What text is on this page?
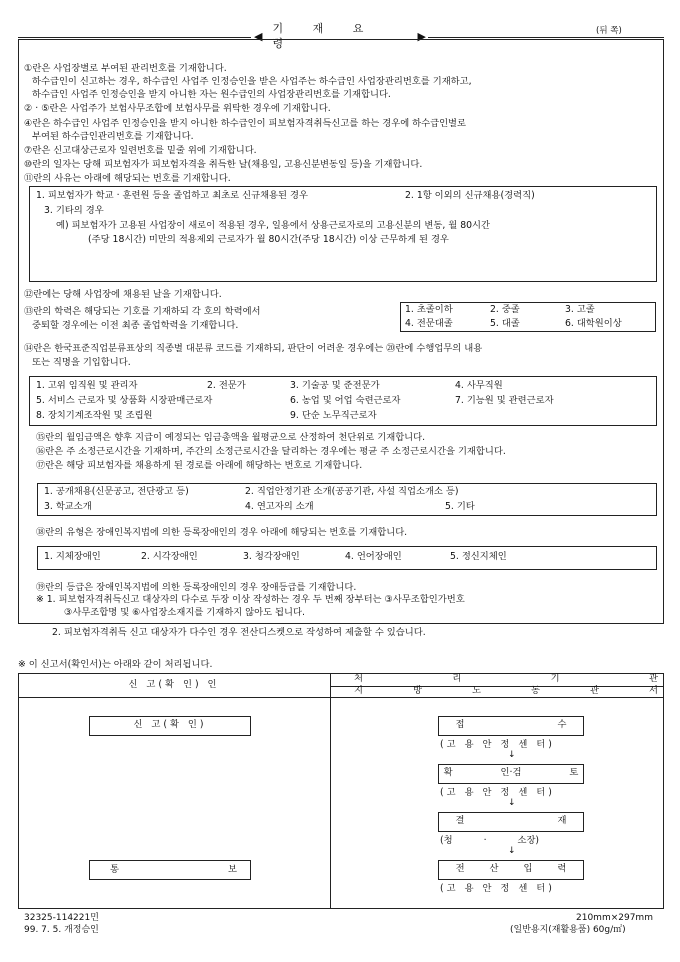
◀
기 재 요 령
▶	(뒤 쪽)
①란은 사업장별로 부여된 관리번호를 기재합니다.
하수급인이 신고하는 경우, 하수급인 사업주 인정승인을 받은 사업주는 하수급인 사업장관리번호를 기재하고,
하수급인 사업주 인정승인을 받지 아니한 자는 원수급인의 사업장관리번호를 기재합니다.
② · ⑤란은 사업주가 보험사무조합에 보험사무를 위탁한 경우에 기재합니다.
④란은 하수급인 사업주 인정승인을 받지 아니한 하수급인이 피보험자격취득신고를 하는 경우에 하수급인별로
부여된 하수급인관리번호를 기재합니다.
⑦란은 신고대상근로자 일련번호를 밑줄 위에 기재합니다.
⑩란의 일자는 당해 피보험자가 피보험자격을 취득한 날(채용일, 고용신분변동일 등)을 기재합니다.
⑪란의 사유는 아래에 해당되는 번호를 기재합니다.
1. 피보험자가 학교 · 훈련원 등을 졸업하고 최초로 신규채용된 경우	2. 1항 이외의 신규채용(경력직)
3. 기타의 경우
예) 피보험자가 고용된 사업장이 새로이 적용된 경우, 일용에서 상용근로자로의 고용신분의 변동, 월 80시간
(주당 18시간) 미만의 적용제외 근로자가 월 80시간(주당 18시간) 이상 근무하게 된 경우
⑫란에는 당해 사업장에 채용된 날을 기재합니다.
⑬란의 학력은 해당되는 기호를 기재하되 각 호의 학력에서
중퇴할 경우에는 이전 최종 졸업학력을 기재합니다.
1. 초졸이하	2. 중졸	3. 고졸
4. 전문대졸	5. 대졸	6. 대학원이상
⑭란은 한국표준직업분류표상의 직종별 대분류 코드를 기재하되, 판단이 어려운 경우에는 ⑳란에 수행업무의 내용
또는 직명을 기입합니다.
1. 고위 임직원 및 관리자	2. 전문가	3. 기술공 및 준전문가	4. 사무직원
5. 서비스 근로자 및 상품화 시장판매근로자	6. 농업 및 어업 숙련근로자	7. 기능원 및 관련근로자
8. 장치기계조작원 및 조립원	9. 단순 노무직근로자
⑮란의 월임금액은 향후 지급이 예정되는 임금총액을 월평균으로 산정하여 천단위로 기재합니다.
⑯란은 주 소정근로시간을 기재하며, 주간의 소정근로시간을 달리하는 경우에는 평균 주 소정근로시간을 기재합니다.
⑰란은 해당 피보험자를 채용하게 된 경로를 아래에 해당하는 번호로 기재합니다.
1. 공개채용(신문공고, 전단광고 등)	2. 직업안정기관 소개(공공기관, 사설 직업소개소 등)
3. 학교소개	4. 연고자의 소개	5. 기타
⑱란의 유형은 장애인복지법에 의한 등록장애인의 경우 아래에 해당되는 번호를 기재합니다.
1. 지체장애인	2. 시각장애인	3. 청각장애인	4. 언어장애인	5. 정신지체인
⑲란의 등급은 장애인복지법에 의한 등록장애인의 경우 장애등급를 기재합니다.
※ 1. 피보험자격취득신고 대상자의 다수로 두장 이상 작성하는 경우 두 번째 장부터는 ③사무조합인가번호
③사무조합명 및 ⑥사업장소재지를 기재하지 않아도 됩니다.
2. 피보험자격취득 신고 대상자가 다수인 경우 전산디스켓으로 작성하여 제출할 수 있습니다.
※ 이 신고서(확인서)는 아래와 같이 처리됩니다.
신 고(확 인) 인
처	리	기	관
지	방	노	동	관	서
신 고(확 인)
통	보
접 수
(고 용 안 정 센 터)
↓
확 인·검 토
(고 용 안 정 센 터)
↓
결 재
(청 · 소장)
↓
전 산 입 력
(고 용 안 정 센 터)
32325-114221민
99. 7. 5. 개정승인
210mm×297mm
(일반용지(재활용품) 60g/㎡)
